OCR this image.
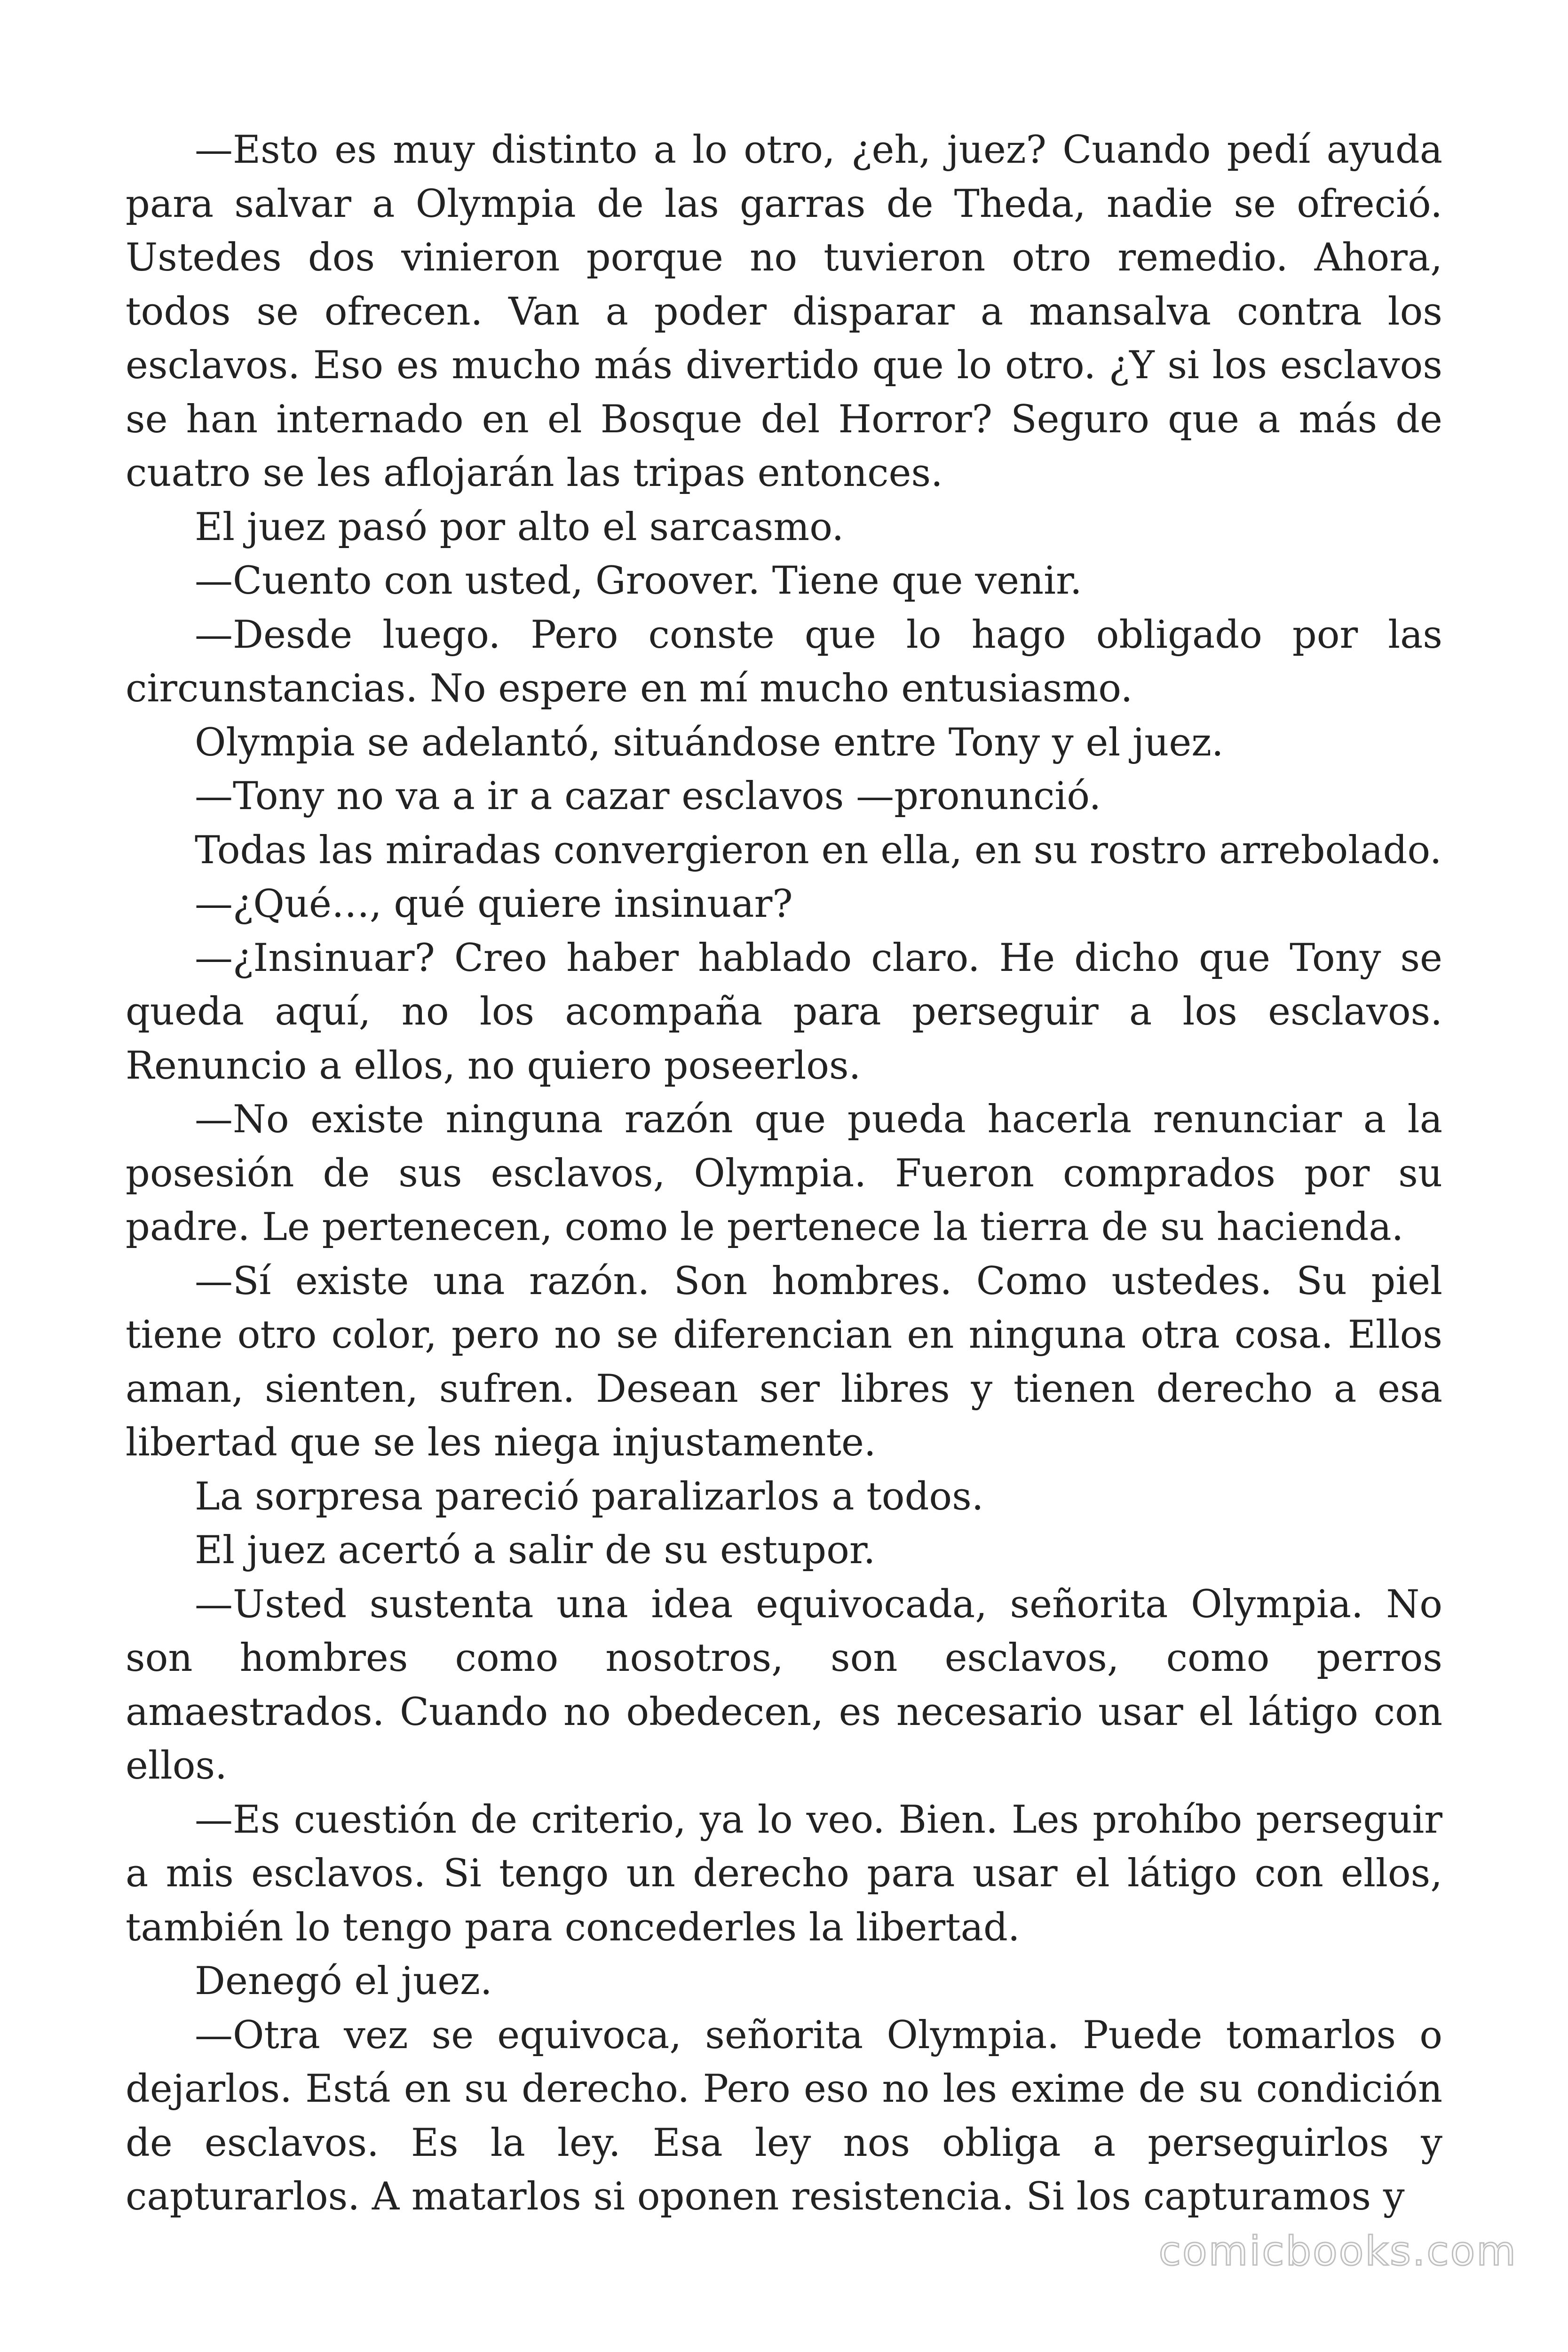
—Esto es muy distinto a lo otro, ¿eh, juez? Cuando pedí ayuda para salvar a Olympia de las garras de Theda, nadie se ofreció. Ustedes dos vinieron porque no tuvieron otro remedio. Ahora, todos se ofrecen. Van a poder disparar a mansalva contra los esclavos. Eso es mucho más divertido que lo otro. ¿Y si los esclavos se han internado en el Bosque del Horror? Seguro que a más de cuatro se les aflojarán las tripas entonces.

El juez pasó por alto el sarcasmo.

—Cuento con usted, Groover. Tiene que venir.

—Desde luego. Pero conste que lo hago obligado por las circunstancias. No espere en mí mucho entusiasmo.

Olympia se adelantó, situándose entre Tony y el juez.

—Tony no va a ir a cazar esclavos —pronunció.

Todas las miradas convergieron en ella, en su rostro arrebolado.

—¿Qué…, qué quiere insinuar?

—¿Insinuar? Creo haber hablado claro. He dicho que Tony se queda aquí, no los acompaña para perseguir a los esclavos. Renuncio a ellos, no quiero poseerlos.

—No existe ninguna razón que pueda hacerla renunciar a la posesión de sus esclavos, Olympia. Fueron comprados por su padre. Le pertenecen, como le pertenece la tierra de su hacienda.

—Sí existe una razón. Son hombres. Como ustedes. Su piel tiene otro color, pero no se diferencian en ninguna otra cosa. Ellos aman, sienten, sufren. Desean ser libres y tienen derecho a esa libertad que se les niega injustamente.

La sorpresa pareció paralizarlos a todos.

El juez acertó a salir de su estupor.

—Usted sustenta una idea equivocada, señorita Olympia. No son hombres como nosotros, son esclavos, como perros amaestrados. Cuando no obedecen, es necesario usar el látigo con ellos.

—Es cuestión de criterio, ya lo veo. Bien. Les prohíbo perseguir a mis esclavos. Si tengo un derecho para usar el látigo con ellos, también lo tengo para concederles la libertad.

Denegó el juez.

—Otra vez se equivoca, señorita Olympia. Puede tomarlos o dejarlos. Está en su derecho. Pero eso no les exime de su condición de esclavos. Es la ley. Esa ley nos obliga a perseguirlos y capturarlos. A matarlos si oponen resistencia. Si los capturamos y

comicbooks.com
